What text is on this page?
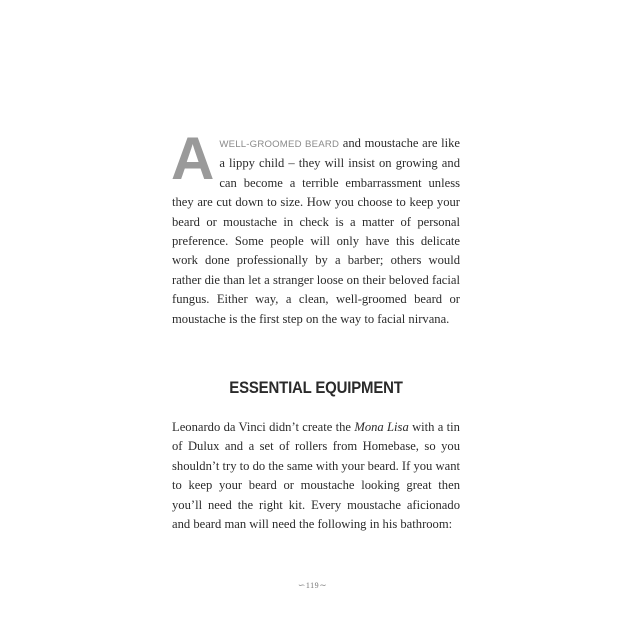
AWELL-GROOMED BEARD and moustache are like a lippy child – they will insist on growing and can become a terrible embarrassment unless they are cut down to size. How you choose to keep your beard or moustache in check is a matter of personal preference. Some people will only have this delicate work done professionally by a barber; others would rather die than let a stranger loose on their beloved facial fungus. Either way, a clean, well-groomed beard or moustache is the first step on the way to facial nirvana.
ESSENTIAL EQUIPMENT
Leonardo da Vinci didn’t create the Mona Lisa with a tin of Dulux and a set of rollers from Homebase, so you shouldn’t try to do the same with your beard. If you want to keep your beard or moustache looking great then you’ll need the right kit. Every moustache aficionado and beard man will need the following in his bathroom:
∽119∼
